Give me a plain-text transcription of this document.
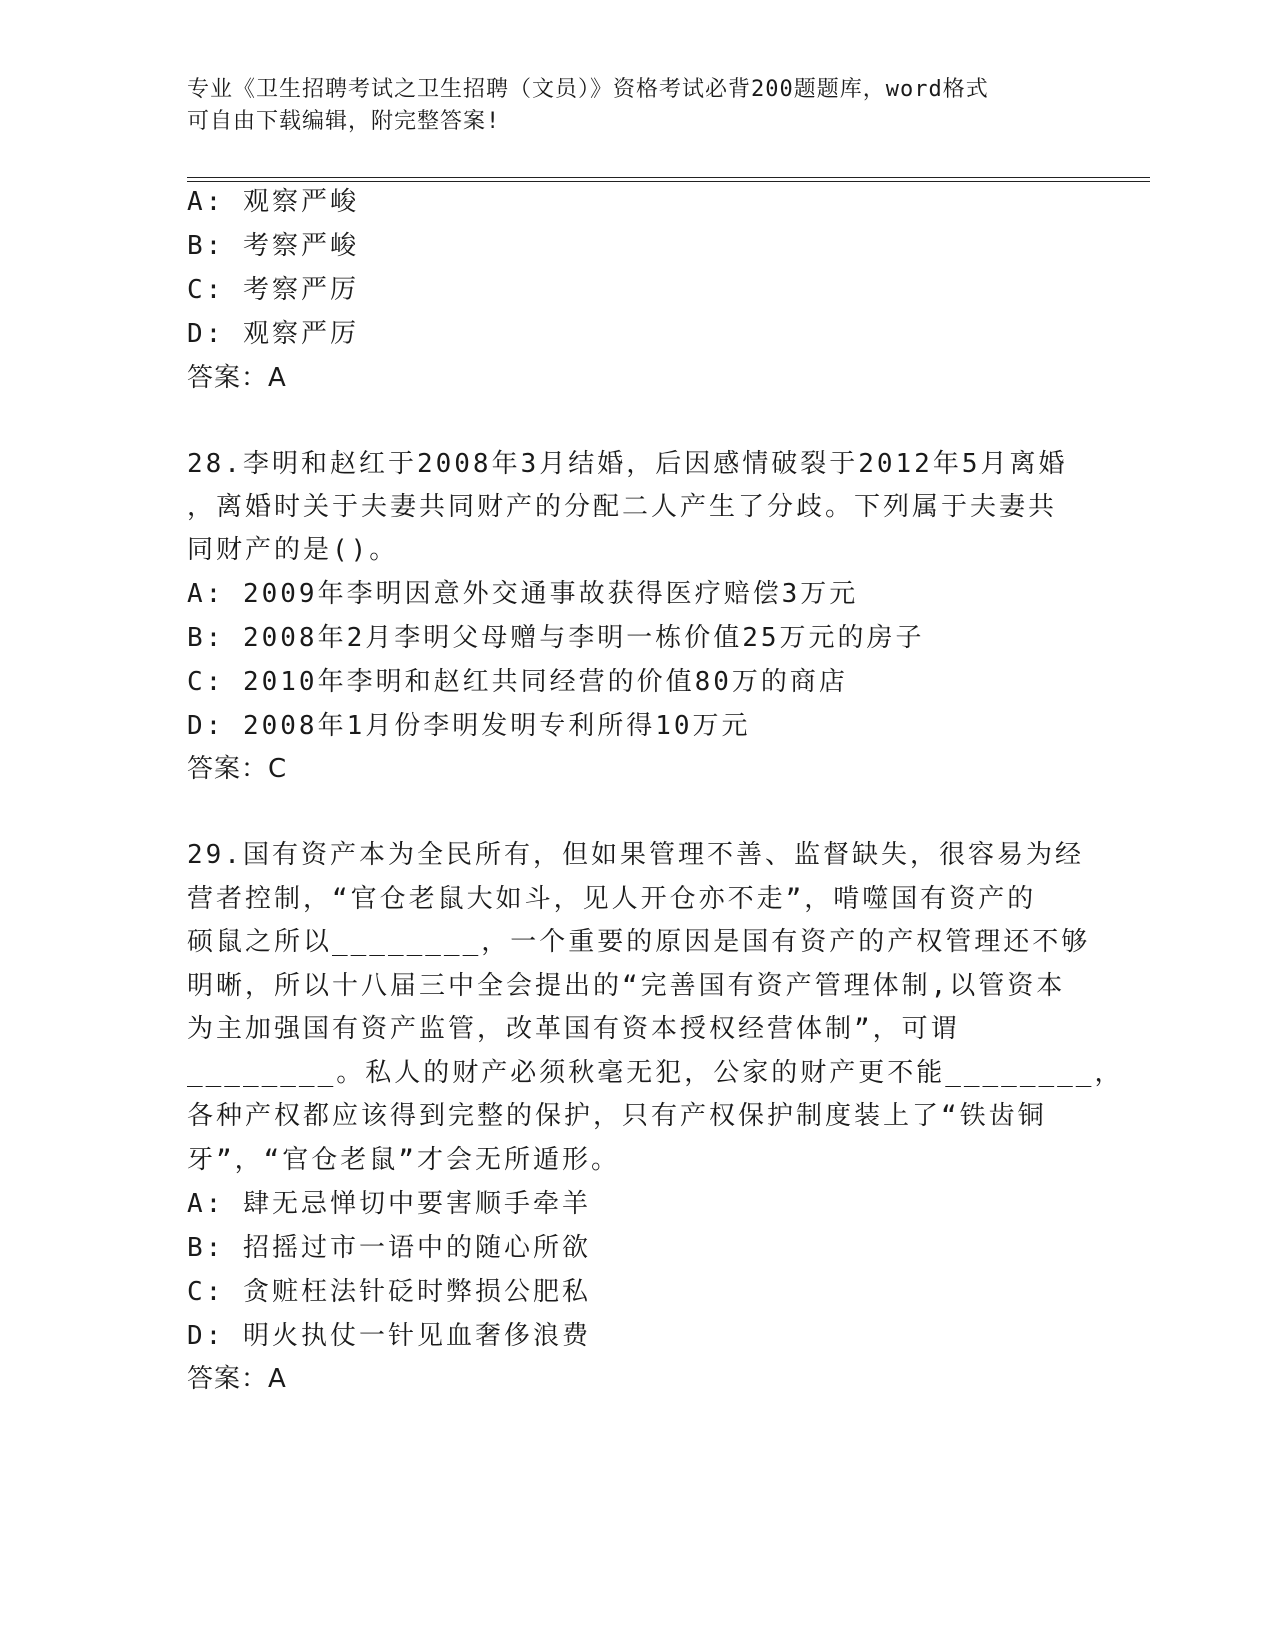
专业《卫生招聘考试之卫生招聘（文员）》资格考试必背200题题库，word格式
可自由下载编辑，附完整答案!
A: 观察严峻
B: 考察严峻
C: 考察严厉
D: 观察严厉
答案：A
28.李明和赵红于2008年3月结婚，后因感情破裂于2012年5月离婚
，离婚时关于夫妻共同财产的分配二人产生了分歧。下列属于夫妻共
同财产的是()。
A: 2009年李明因意外交通事故获得医疗赔偿3万元
B: 2008年2月李明父母赠与李明一栋价值25万元的房子
C: 2010年李明和赵红共同经营的价值80万的商店
D: 2008年1月份李明发明专利所得10万元
答案：C
29.国有资产本为全民所有，但如果管理不善、监督缺失，很容易为经
营者控制，“官仓老鼠大如斗，见人开仓亦不走”，啃噬国有资产的
硕鼠之所以________，一个重要的原因是国有资产的产权管理还不够
明晰，所以十八届三中全会提出的“完善国有资产管理体制,以管资本
为主加强国有资产监管，改革国有资本授权经营体制”，可谓
________。私人的财产必须秋毫无犯，公家的财产更不能________，
各种产权都应该得到完整的保护，只有产权保护制度装上了“铁齿铜
牙”，“官仓老鼠”才会无所遁形。
A: 肆无忌惮切中要害顺手牵羊
B: 招摇过市一语中的随心所欲
C: 贪赃枉法针砭时弊损公肥私
D: 明火执仗一针见血奢侈浪费
答案：A
